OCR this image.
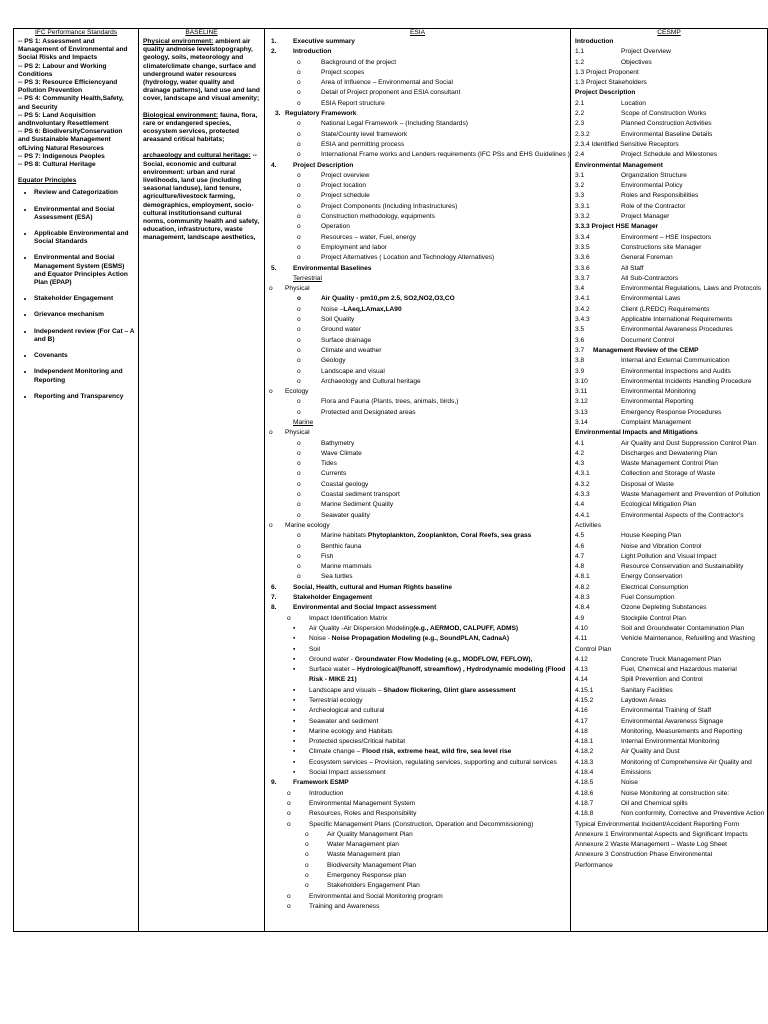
IFC Performance Standards
-- PS 1: Assessment and Management of Environmental and Social Risks and Impacts
-- PS 2: Labour and Working Conditions
-- PS 3: Resource Efficiencyand Pollution Prevention
-- PS 4: Community Health,Safety, and Security
-- PS 5: Land Acquisition andInvoluntary Resettlement
-- PS 6: BiodiversityConservation and Sustainable Management ofLiving Natural Resources
-- PS 7: Indigenous Peoples
-- PS 8: Cultural Heritage
Equator Principles
• Review and Categorization
• Environmental and Social Assessment (ESA)
• Applicable Environmental and Social Standards
• Environmental and Social Management System (ESMS) and Equator Principles Action Plan (EPAP)
• Stakeholder Engagement
• Grievance mechanism
• Independent review (For Cat – A and B)
• Covenants
• Independent Monitoring and Reporting
• Reporting and Transparency
BASELINE
Physical environment: ambient air quality andnoise levelstopography, geology, soils, meteorology and climate/climate change, surface and underground water resources (hydrology, water quality and drainage patterns), land use and land cover, landscape and visual amenity;
Biological environment: fauna, flora, rare or endangered species, ecosystem services, protected areasand critical habitats;
archaeology and cultural heritage: -- Social, economic and cultural environment: urban and rural livelihoods, land use (including seasonal landuse), land tenure, agriculture/livestock farming, demographics, employment, socio-cultural institutionsand cultural norms, community health and safety, education, infrastructure, waste management, landscape aesthetics,
ESIA
1.	Executive summary
2.	Introduction
o	Background of the project
o	Project scopes
o	Area of Influence – Environmental and Social
o	Detail of Project proponent and ESIA consultant
o	ESIA Report structure
3. Regulatory Framework
o	National Legal Framework – (Including Standards)
o	State/County level framework
o	ESIA and permitting process
o	International Frame works and Lenders requirements (IFC PSs and EHS Guidelines )
4.	Project Description
o	Project overview
o	Project location
o	Project schedule
o	Project Components (Including Infrastructures)
o	Construction methodology, equipments
o	Operation
o	Resources – water, Fuel, energy
o	Employment and labor
o	Project Alternatives ( Location and Technology Alternatives)
5.	Environmental Baselines
Terrestrial
o Physical
o	Air Quality - pm10,pm 2.5, SO2,NO2,O3,CO
o	Noise –LAeq,LAmax,LA90
o	Soil Quality
o	Ground water
o	Surface drainage
o	Climate and weather
o	Geology
o	Landscape and visual
o	Archaeology and Cultural heritage
o Ecology
o	Flora and Fauna (Plants, trees, animals, birds,)
o	Protected and Designated areas
Marine
o Physical
o	Bathymetry
o	Wave Climate
o	Tides
o	Currents
o	Coastal geology
o	Coastal sediment transport
o	Marine Sediment Quality
o	Seawater quality
o Marine ecology
o	Marine habitats Phytoplankton, Zooplankton, Coral Reefs, sea grass
o	Benthic fauna
o	Fish
o	Marine mammals
o	Sea turtles
6.	Social, Health, cultural and Human Rights baseline
7.	Stakeholder Engagement
8.	Environmental and Social Impact assessment
o	Impact Identification Matrix
▪ Air Quality -Air Dispersion Modeling(e.g., AERMOD, CALPUFF, ADMS)
▪ Noise - Noise Propagation Modeling (e.g., SoundPLAN, CadnaA)
▪ Soil
▪ Ground water - Groundwater Flow Modeling (e.g., MODFLOW, FEFLOW),
▪ Surface water – Hydrological(Runoff, streamflow) , Hydrodynamic modeling (Flood
Risk - MIKE 21)
▪ Landscape and visuals – Shadow flickering, Glint glare assessment
▪ Terrestrial ecology
▪ Archeological and cultural
▪ Seawater and sediment
▪ Marine ecology and Habitats
▪ Protected species/Critical habitat
▪ Climate change – Flood risk, extreme heat, wild fire, sea level rise
▪ Ecosystem services – Provision, regulating services, supporting and cultural services
▪ Social Impact assessment
9.	Framework ESMP
o	Introduction
o	Environmental Management System
o	Resources, Roles and Responsibility
o	Specific Management Plans (Construction, Operation and Decommissioning)
o	Air Quality Management Plan
o	Water Management plan
o	Waste Management plan
o	Biodiversity Management Plan
o	Emergency Response plan
o	Stakeholders Engagement Plan
o	Environmental and Social Monitoring program
o	Training and Awareness
CESMP
Introduction
1.1	Project Overview
1.2	Objectives
1.3 Project Proponent
1.3 Project Stakeholders
Project Description
2.1	Location
2.2	Scope of Construction Works
2.3	Planned Construction Activities
2.3.2	Environmental Baseline Details
2.3.4 Identified Sensitive Receptors
2.4	Project Schedule and Milestones
Environmental Management
3.1	Organization Structure
3.2	Environmental Policy
3.3	Roles and Responsibilities
3.3.1	Role of the Contractor
3.3.2	Project Manager
3.3.3 Project HSE Manager
3.3.4	Environment – HSE Inspectors
3.3.5	Constructions site Manager
3.3.6	General Foreman
3.3.6	All Staff
3.3.7	All Sub-Contractors
3.4	Environmental Regulations, Laws and Protocols
3.4.1	Environmental Laws
3.4.2	Client (LREDC) Requirements
3.4.3	Applicable International Requirements
3.5	Environmental Awareness Procedures
3.6	Document Control
3.7 Management Review of the CEMP
3.8	Internal and External Communication
3.9	Environmental Inspections and Audits
3.10	Environmental Incidents Handling Procedure
3.11	Environmental Monitoring
3.12	Environmental Reporting
3.13	Emergency Response Procedures
3.14	Complaint Management
Environmental Impacts and Mitigations
4.1	Air Quality and Dust Suppression Control Plan
4.2	Discharges and Dewatering Plan
4.3	Waste Management Control Plan
4.3.1	Collection and Storage of Waste
4.3.2	Disposal of Waste
4.3.3	Waste Management and Prevention of Pollution
4.4	Ecological Mitigation Plan
4.4.1	Environmental Aspects of the Contractor's
Activities
4.5	House Keeping Plan
4.6	Noise and Vibration Control
4.7	Light Pollution and Visual Impact
4.8	Resource Conservation and Sustainability
4.8.1	Energy Conservation
4.8.2	Electrical Consumption
4.8.3	Fuel Consumption
4.8.4	Ozone Depleting Substances
4.9	Stockpile Control Plan
4.10	Soil and Groundwater Contamination Plan
4.11	Vehicle Maintenance, Refuelling and Washing
Control Plan
4.12	Concrete Truck Management Plan
4.13	Fuel, Chemical and Hazardous material
4.14	Spill Prevention and Control
4.15.1	Sanitary Facilities
4.15.2	Laydown Areas
4.16	Environmental Training of Staff
4.17	Environmental Awareness Signage
4.18	Monitoring, Measurements and Reporting
4.18.1	Internal Environmental Monitoring
4.18.2	Air Quality and Dust
4.18.3	Monitoring of Comprehensive Air Quality and
4.18.4	Emissions
4.18.5	Noise
4.18.6	Noise Monitoring at construction site:
4.18.7	Oil and Chemical spills
4.18.8	Non conformity, Corrective and Preventive Action
Typical Environmental Incident/Accident Reporting Form
Annexure 1 Environmental Aspects and Significant Impacts
Annexure 2 Waste Management – Waste Log Sheet
Annexure 3 Construction Phase Environmental
Performance
